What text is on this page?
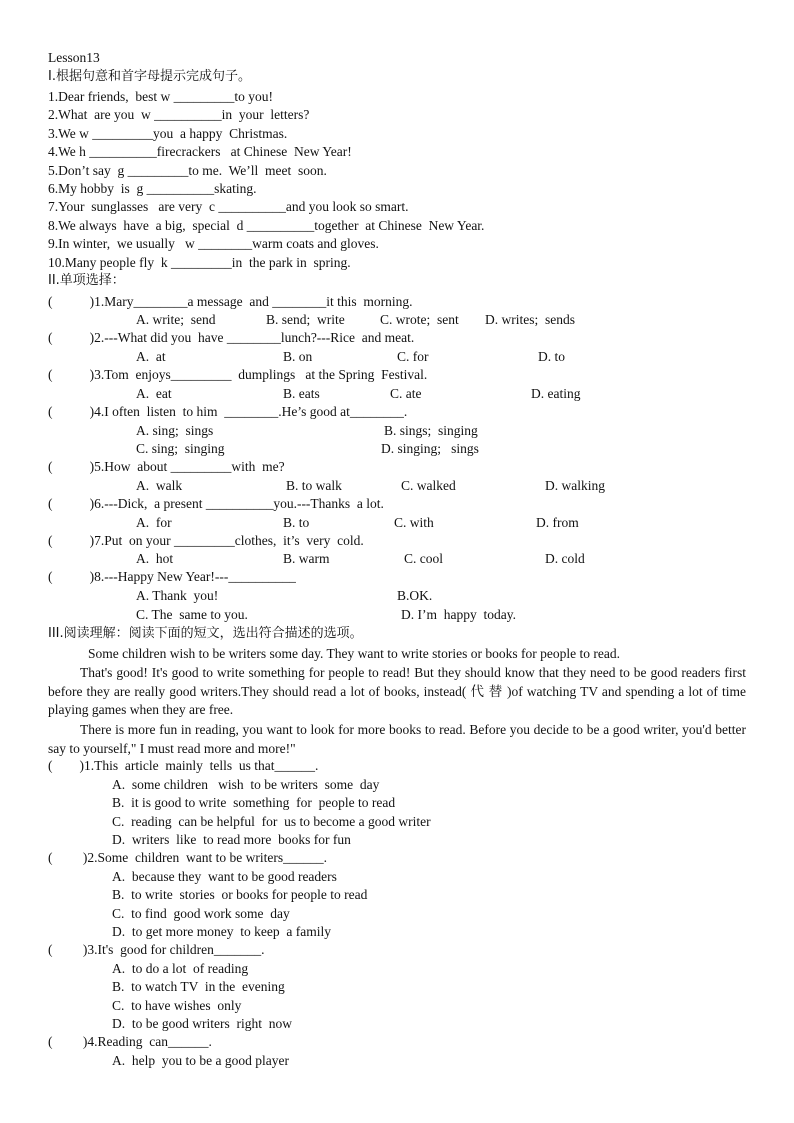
Lesson13
I.根据句意和首字母提示完成句子。
1.Dear friends,  best w _________to you!
2.What  are you  w __________in  your  letters?
3.We w _________you  a happy  Christmas.
4.We h __________firecrackers   at Chinese  New Year!
5.Don’t say  g _________to me.  We’ll  meet  soon.
6.My hobby  is  g __________skating.
7.Your  sunglasses   are very  c __________and you look so smart.
8.We always  have  a big,  special  d __________together  at Chinese  New Year.
9.In winter,  we usually   w ________warm coats and gloves.
10.Many people fly  k _________in  the park in  spring.
II.单项选择：
(           )1.Mary________a message  and ________it this  morning.
A. write;  send	B. send;  write	C. wrote;  sent D. writes;  sends
(           )2.---What did you  have ________lunch?---Rice  and meat.
A.  at	B. on	C. for	D. to
(           )3.Tom  enjoys_________  dumplings   at the Spring  Festival.
A.  eat	B. eats	C. ate	D. eating
(           )4.I often  listen  to him  ________.He’s good at________.
A. sing;  sings	B. sings;  singing
C. sing;  singing	D. singing;   sings
(           )5.How  about _________with  me?
A.  walk	B. to walk	C. walked	D. walking
(           )6.---Dick,  a present __________you.---Thanks  a lot.
A.  for	B. to	C. with	D. from
(           )7.Put  on your _________clothes,  it’s  very  cold.
A.  hot	B. warm	C. cool	D. cold
(           )8.---Happy New Year!---__________
A. Thank  you!	B.OK.
C. The  same to you.	D. I’m  happy  today.
III.阅读理解：阅读下面的短文，选出符合描述的选项。
Some children wish to be writers some day. They want to write stories or books for people to read.
That's good! It's good to write something for people to read! But they should know that they need to be good readers first before they are really good writers.They should read a lot of books, instead( 代 替 )of watching TV and spending a lot of time playing games when they are free.
There is more fun in reading, you want to look for more books to read. Before you decide to be a good writer, you'd better say to yourself," I must read more and more!"
(        )1.This  article  mainly  tells  us that______.
A.  some children   wish  to be writers  some  day
B.  it is good to write  something  for  people to read
C.  reading  can be helpful  for  us to become a good writer
D.  writers  like  to read more  books for fun
(         )2.Some  children  want to be writers______.
A.  because they  want to be good readers
B.  to write  stories  or books for people to read
C.  to find  good work some  day
D.  to get more money  to keep  a family
(         )3.It's  good for children_______.
A.  to do a lot  of reading
B.  to watch TV  in the  evening
C.  to have wishes  only
D.  to be good writers  right  now
(         )4.Reading  can______.
A.  help  you to be a good player
